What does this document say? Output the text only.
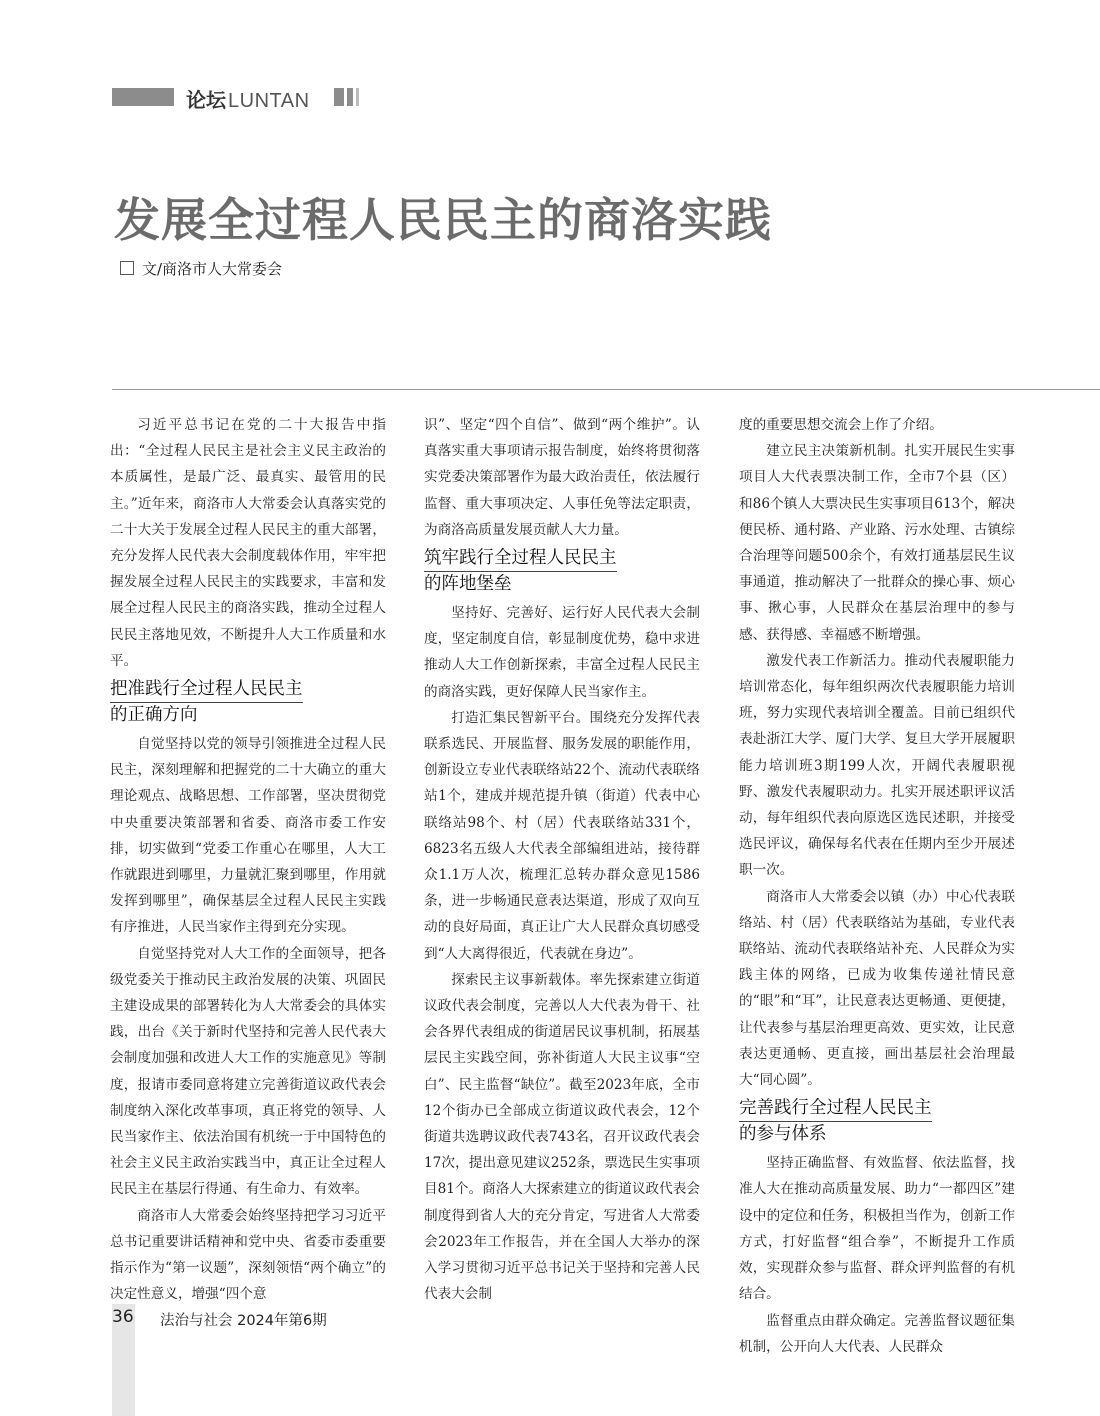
论坛 LUNTAN
发展全过程人民民主的商洛实践
文/商洛市人大常委会

习近平总书记在党的二十大报告中指出：“全过程人民民主是社会主义民主政治的本质属性，是最广泛、最真实、最管用的民主。”近年来，商洛市人大常委会认真落实党的二十大关于发展全过程人民民主的重大部署，充分发挥人民代表大会制度载体作用，牢牢把握发展全过程人民民主的实践要求，丰富和发展全过程人民民主的商洛实践，推动全过程人民民主落地见效，不断提升人大工作质量和水平。

把准践行全过程人民民主
的正确方向

自觉坚持以党的领导引领推进全过程人民民主，深刻理解和把握党的二十大确立的重大理论观点、战略思想、工作部署，坚决贯彻党中央重要决策部署和省委、商洛市委工作安排，切实做到“党委工作重心在哪里，人大工作就跟进到哪里，力量就汇聚到哪里，作用就发挥到哪里”，确保基层全过程人民民主实践有序推进，人民当家作主得到充分实现。

自觉坚持党对人大工作的全面领导，把各级党委关于推动民主政治发展的决策、巩固民主建设成果的部署转化为人大常委会的具体实践，出台《关于新时代坚持和完善人民代表大会制度加强和改进人大工作的实施意见》等制度，报请市委同意将建立完善街道议政代表会制度纳入深化改革事项，真正将党的领导、人民当家作主、依法治国有机统一于中国特色的社会主义民主政治实践当中，真正让全过程人民民主在基层行得通、有生命力、有效率。

商洛市人大常委会始终坚持把学习习近平总书记重要讲话精神和党中央、省委市委重要指示作为“第一议题”，深刻领悟“两个确立”的决定性意义，增强“四个意

识”、坚定“四个自信”、做到“两个维护”。认真落实重大事项请示报告制度，始终将贯彻落实党委决策部署作为最大政治责任，依法履行监督、重大事项决定、人事任免等法定职责，为商洛高质量发展贡献人大力量。

筑牢践行全过程人民民主
的阵地堡垒

坚持好、完善好、运行好人民代表大会制度，坚定制度自信，彰显制度优势，稳中求进推动人大工作创新探索，丰富全过程人民民主的商洛实践，更好保障人民当家作主。

打造汇集民智新平台。围绕充分发挥代表联系选民、开展监督、服务发展的职能作用，创新设立专业代表联络站22个、流动代表联络站1个，建成并规范提升镇（街道）代表中心联络站98个、村（居）代表联络站331个，6823名五级人大代表全部编组进站，接待群众1.1万人次，梳理汇总转办群众意见1586条，进一步畅通民意表达渠道，形成了双向互动的良好局面，真正让广大人民群众真切感受到“人大离得很近，代表就在身边”。

探索民主议事新载体。率先探索建立街道议政代表会制度，完善以人大代表为骨干、社会各界代表组成的街道居民议事机制，拓展基层民主实践空间，弥补街道人大民主议事“空白”、民主监督“缺位”。截至2023年底，全市12个街办已全部成立街道议政代表会，12个街道共选聘议政代表743名，召开议政代表会17次，提出意见建议252条，票选民生实事项目81个。商洛人大探索建立的街道议政代表会制度得到省人大的充分肯定，写进省人大常委会2023年工作报告，并在全国人大举办的深入学习贯彻习近平总书记关于坚持和完善人民代表大会制

度的重要思想交流会上作了介绍。

建立民主决策新机制。扎实开展民生实事项目人大代表票决制工作，全市7个县（区）和86个镇人大票决民生实事项目613个，解决便民桥、通村路、产业路、污水处理、古镇综合治理等问题500余个，有效打通基层民生议事通道，推动解决了一批群众的操心事、烦心事、揪心事，人民群众在基层治理中的参与感、获得感、幸福感不断增强。

激发代表工作新活力。推动代表履职能力培训常态化，每年组织两次代表履职能力培训班，努力实现代表培训全覆盖。目前已组织代表赴浙江大学、厦门大学、复旦大学开展履职能力培训班3期199人次，开阔代表履职视野、激发代表履职动力。扎实开展述职评议活动，每年组织代表向原选区选民述职，并接受选民评议，确保每名代表在任期内至少开展述职一次。

商洛市人大常委会以镇（办）中心代表联络站、村（居）代表联络站为基础，专业代表联络站、流动代表联络站补充、人民群众为实践主体的网络，已成为收集传递社情民意的“眼”和“耳”，让民意表达更畅通、更便捷，让代表参与基层治理更高效、更实效，让民意表达更通畅、更直接，画出基层社会治理最大“同心圆”。

完善践行全过程人民民主
的参与体系

坚持正确监督、有效监督、依法监督，找准人大在推动高质量发展、助力“一都四区”建设中的定位和任务，积极担当作为，创新工作方式，打好监督“组合拳”，不断提升工作质效，实现群众参与监督、群众评判监督的有机结合。

监督重点由群众确定。完善监督议题征集机制，公开向人大代表、人民群众

36 法治与社会 2024年第6期
